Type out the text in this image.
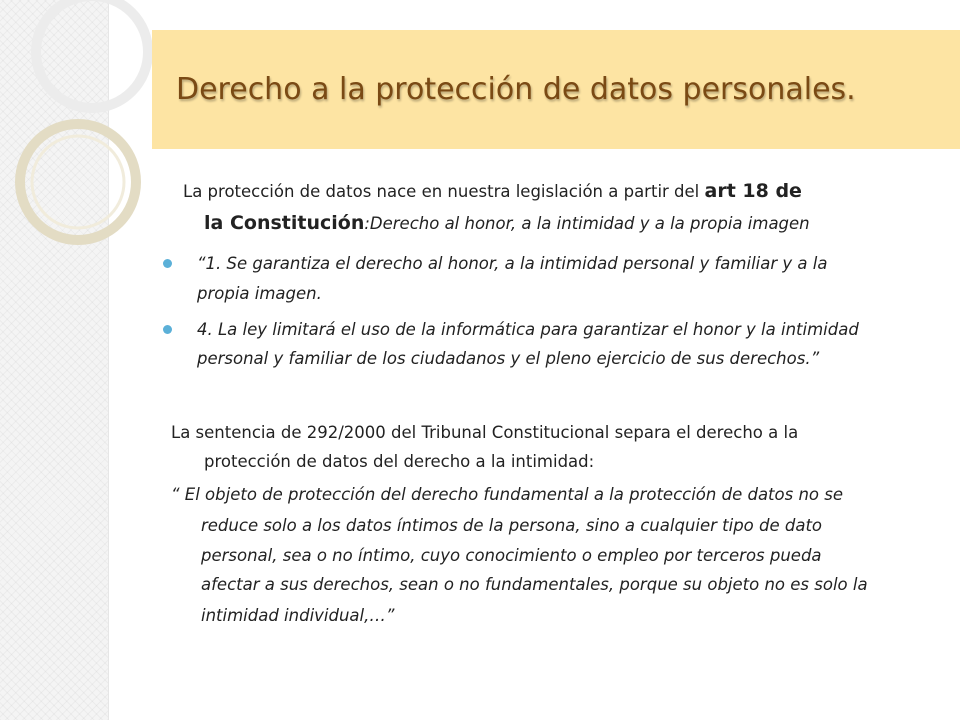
Derecho a la protección de datos personales.
La protección de datos nace en nuestra legislación a partir del art 18 de
la Constitución:Derecho al honor, a la intimidad y a la propia imagen
“1. Se garantiza el derecho al honor, a la intimidad personal y familiar y a la
propia imagen.
4. La ley limitará el uso de la informática para garantizar el honor y la intimidad
personal y familiar de los ciudadanos y el pleno ejercicio de sus derechos.”
La sentencia de 292/2000 del Tribunal Constitucional separa el derecho a la
protección de datos del derecho a la intimidad:
“ El objeto de protección del derecho fundamental a la protección de datos no se
reduce solo a los datos íntimos de la persona, sino a cualquier tipo de dato
personal, sea o no íntimo, cuyo conocimiento o empleo por terceros pueda
afectar a sus derechos, sean o no fundamentales, porque su objeto no es solo la
intimidad individual,…”
